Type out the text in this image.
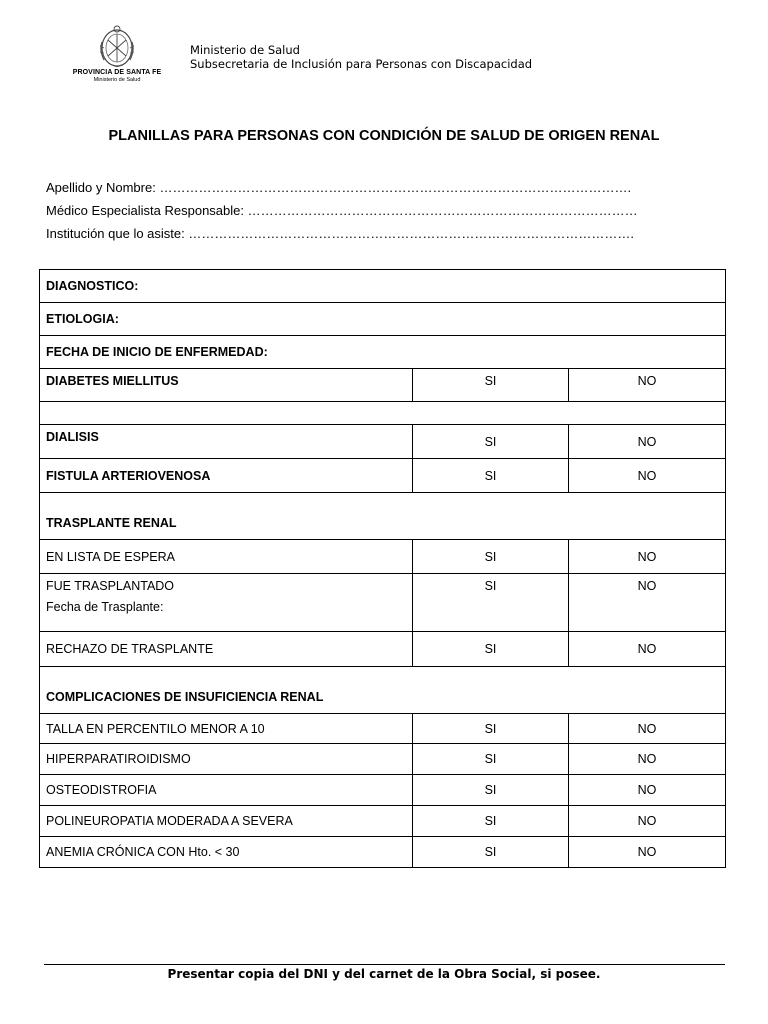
PROVINCIA DE SANTA FE
Ministerio de Salud
Ministerio de Salud
Subsecretaria de Inclusión para Personas con Discapacidad
PLANILLAS PARA PERSONAS CON CONDICIÓN DE SALUD DE ORIGEN RENAL
Apellido y Nombre: ……………………………………………………………………………………………….
Médico Especialista Responsable: ………………………………………………………………………………
Institución que lo asiste: ………………………………………………………………………………………….
DIAGNOSTICO:		
ETIOLOGIA:		
FECHA DE INICIO DE ENFERMEDAD:		
DIABETES MIELLITUS	SI	NO

DIALISIS	SI	NO
FISTULA ARTERIOVENOSA	SI	NO
TRASPLANTE RENAL		
EN LISTA DE ESPERA	SI	NO

FUE TRASPLANTADO
Fecha de Trasplante:	SI	NO
RECHAZO DE TRASPLANTE	SI	NO
COMPLICACIONES DE INSUFICIENCIA RENAL		
TALLA EN PERCENTILO MENOR A 10	SI	NO
HIPERPARATIROIDISMO	SI	NO
OSTEODISTROFIA	SI	NO
POLINEUROPATIA MODERADA A SEVERA	SI	NO
ANEMIA CRÓNICA CON Hto. < 30	SI	NO
Presentar copia del DNI y del carnet de la Obra Social, si posee.
